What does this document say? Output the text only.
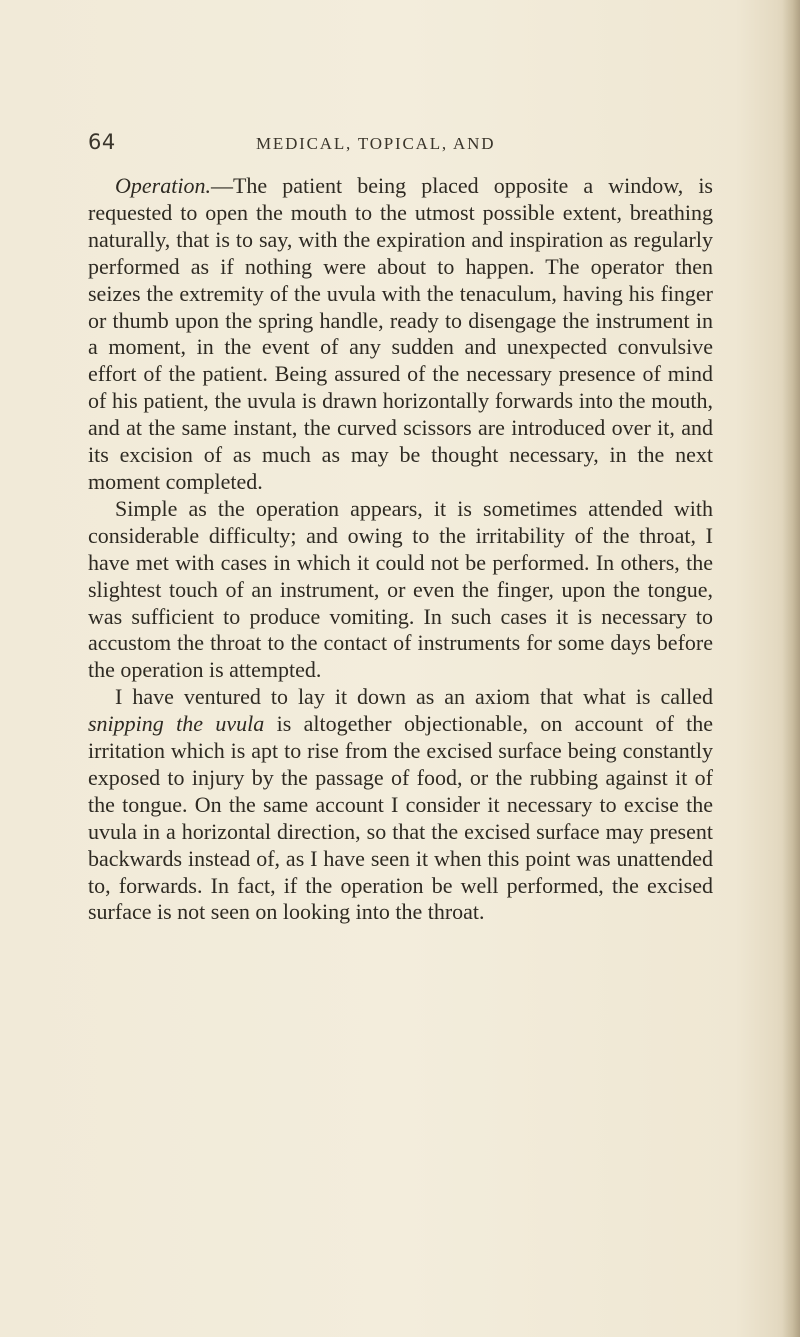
64	MEDICAL, TOPICAL, AND

Operation.—The patient being placed opposite a window, is requested to open the mouth to the utmost possible extent, breathing naturally, that is to say, with the expiration and inspiration as regularly performed as if nothing were about to happen. The operator then seizes the extremity of the uvula with the tenaculum, having his finger or thumb upon the spring handle, ready to disengage the instrument in a moment, in the event of any sudden and unexpected convulsive effort of the patient. Being assured of the necessary presence of mind of his patient, the uvula is drawn horizontally forwards into the mouth, and at the same instant, the curved scissors are introduced over it, and its excision of as much as may be thought necessary, in the next moment completed.

Simple as the operation appears, it is sometimes attended with considerable difficulty; and owing to the irritability of the throat, I have met with cases in which it could not be performed. In others, the slightest touch of an instrument, or even the finger, upon the tongue, was sufficient to produce vomiting. In such cases it is necessary to accustom the throat to the contact of instruments for some days before the operation is attempted.

I have ventured to lay it down as an axiom that what is called snipping the uvula is altogether objectionable, on account of the irritation which is apt to rise from the excised surface being constantly exposed to injury by the passage of food, or the rubbing against it of the tongue. On the same account I consider it necessary to excise the uvula in a horizontal direction, so that the excised surface may present backwards instead of, as I have seen it when this point was unattended to, forwards. In fact, if the operation be well performed, the excised surface is not seen on looking into the throat.
